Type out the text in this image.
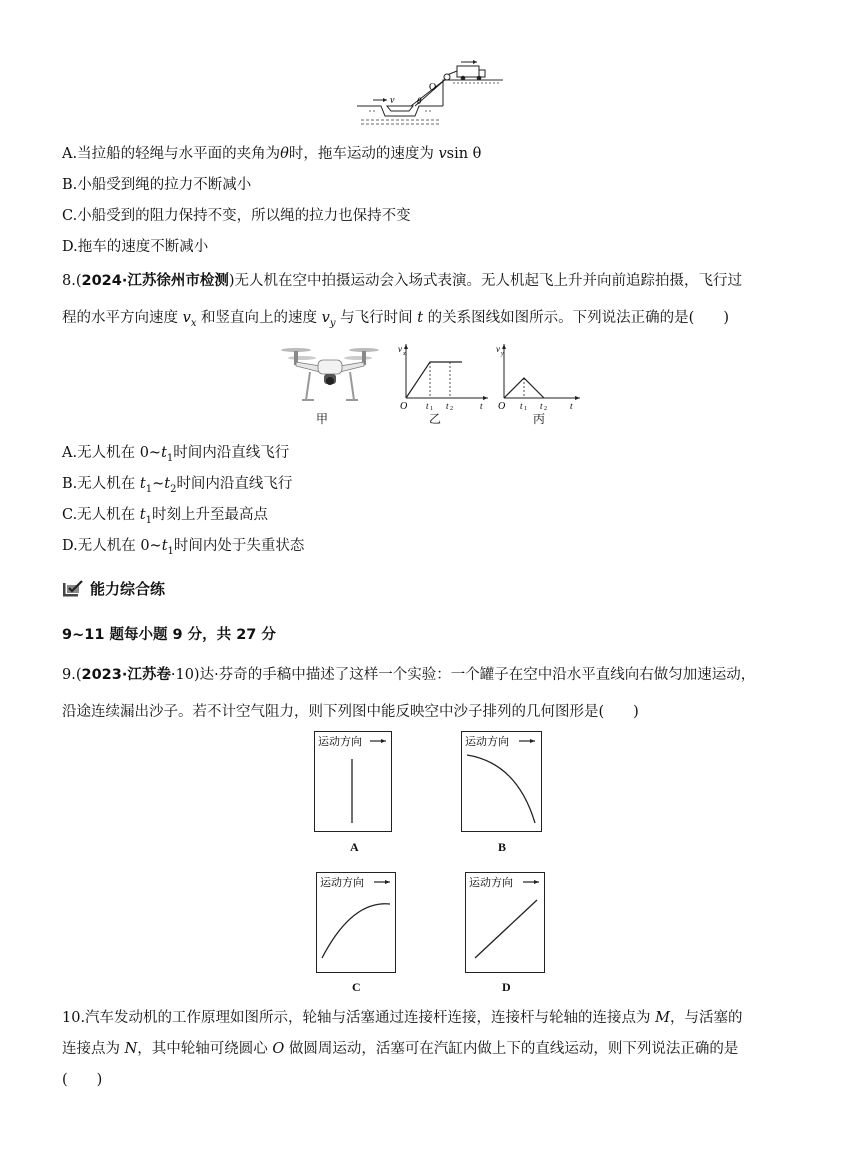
v
O
θ
A.当拉船的轻绳与水平面的夹角为θ时，拖车运动的速度为 vsin θ
B.小船受到绳的拉力不断减小
C.小船受到的阻力保持不变，所以绳的拉力也保持不变
D.拖车的速度不断减小
8.(2024·江苏徐州市检测)无人机在空中拍摄运动会入场式表演。无人机起飞上升并向前追踪拍摄，飞行过
程的水平方向速度 $v_x$ 和竖直向上的速度 $v_y$ 与飞行时间 t 的关系图线如图所示。下列说法正确的是(　　)
甲
v x
O t 1 t 2	t
乙
v y
O t 1 t 2	t
丙
A.无人机在 $0\sim t_1$时间内沿直线飞行
B.无人机在 $t_1\sim t_2$时间内沿直线飞行
C.无人机在 $t_1$时刻上升至最高点
D.无人机在 $0\sim t_1$时间内处于失重状态
能力综合练
9~11 题每小题 9 分，共 27 分
9.(2023·江苏卷·10)达·芬奇的手稿中描述了这样一个实验：一个罐子在空中沿水平直线向右做匀加速运动，
沿途连续漏出沙子。若不计空气阻力，则下列图中能反映空中沙子排列的几何图形是(　　)
运动方向
A
运动方向
B
运动方向
C
运动方向
D
10.汽车发动机的工作原理如图所示，轮轴与活塞通过连接杆连接，连接杆与轮轴的连接点为 M，与活塞的
连接点为 N，其中轮轴可绕圆心 O 做圆周运动，活塞可在汽缸内做上下的直线运动，则下列说法正确的是
(　　)
